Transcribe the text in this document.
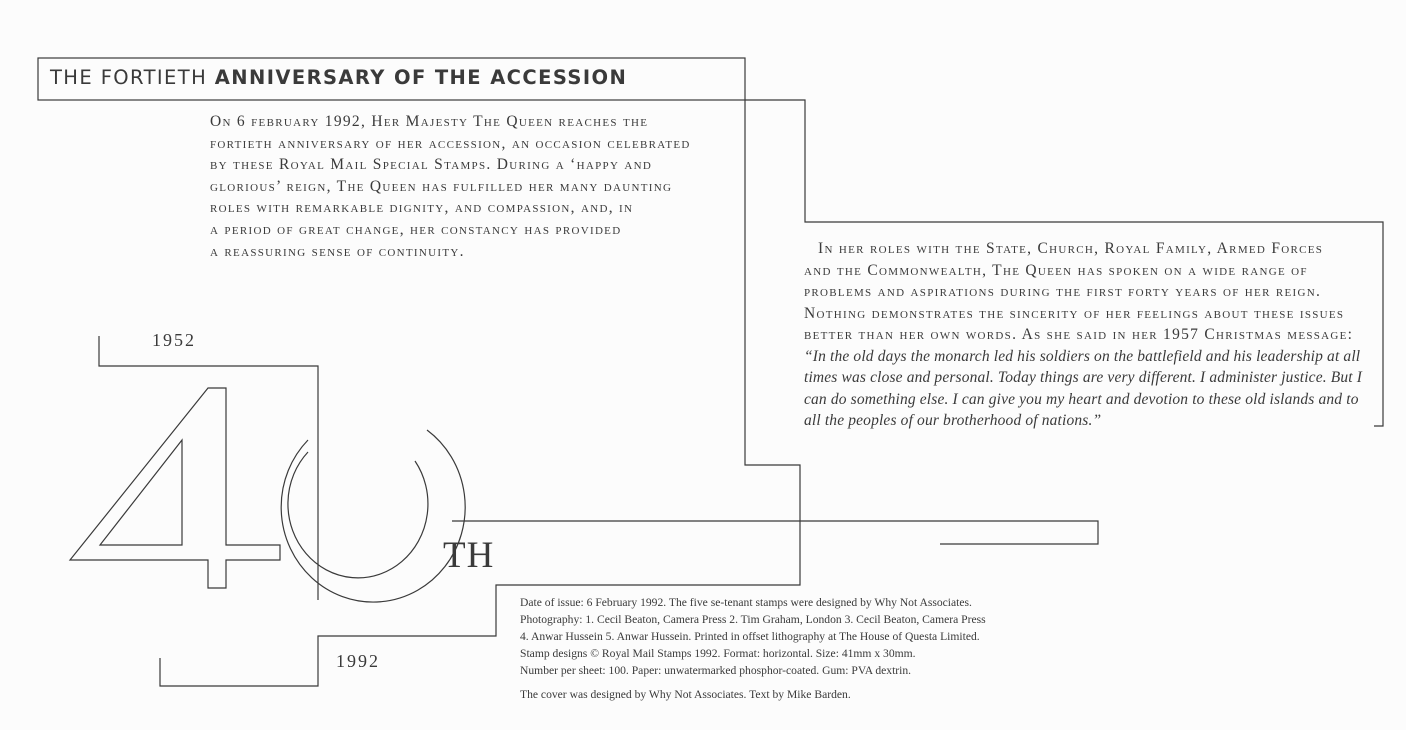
THE FORTIETH ANNIVERSARY OF THE ACCESSION
On 6 february 1992, Her Majesty The Queen reaches the
fortieth anniversary of her accession, an occasion celebrated
by these Royal Mail Special Stamps. During a ‘happy and
glorious’ reign, The Queen has fulfilled her many daunting
roles with remarkable dignity, and compassion, and, in
a period of great change, her constancy has provided
a reassuring sense of continuity.	In her roles with the State, Church, Royal Family, Armed Forces
and the Commonwealth, The Queen has spoken on a wide range of
problems and aspirations during the first forty years of her reign.
Nothing demonstrates the sincerity of her feelings about these issues
better than her own words. As she said in her 1957 Christmas message:
“In the old days the monarch led his soldiers on the battlefield and his leadership at all
times was close and personal. Today things are very different. I administer justice. But I
can do something else. I can give you my heart and devotion to these old islands and to
all the peoples of our brotherhood of nations.”
1952
1992
TH

Date of issue: 6 February 1992. The five se-tenant stamps were designed by Why Not Associates.

Photography: 1. Cecil Beaton, Camera Press 2. Tim Graham, London 3. Cecil Beaton, Camera Press

4. Anwar Hussein 5. Anwar Hussein. Printed in offset lithography at The House of Questa Limited.

Stamp designs © Royal Mail Stamps 1992. Format: horizontal. Size: 41mm x 30mm.

Number per sheet: 100. Paper: unwatermarked phosphor-coated. Gum: PVA dextrin.

The cover was designed by Why Not Associates. Text by Mike Barden.
